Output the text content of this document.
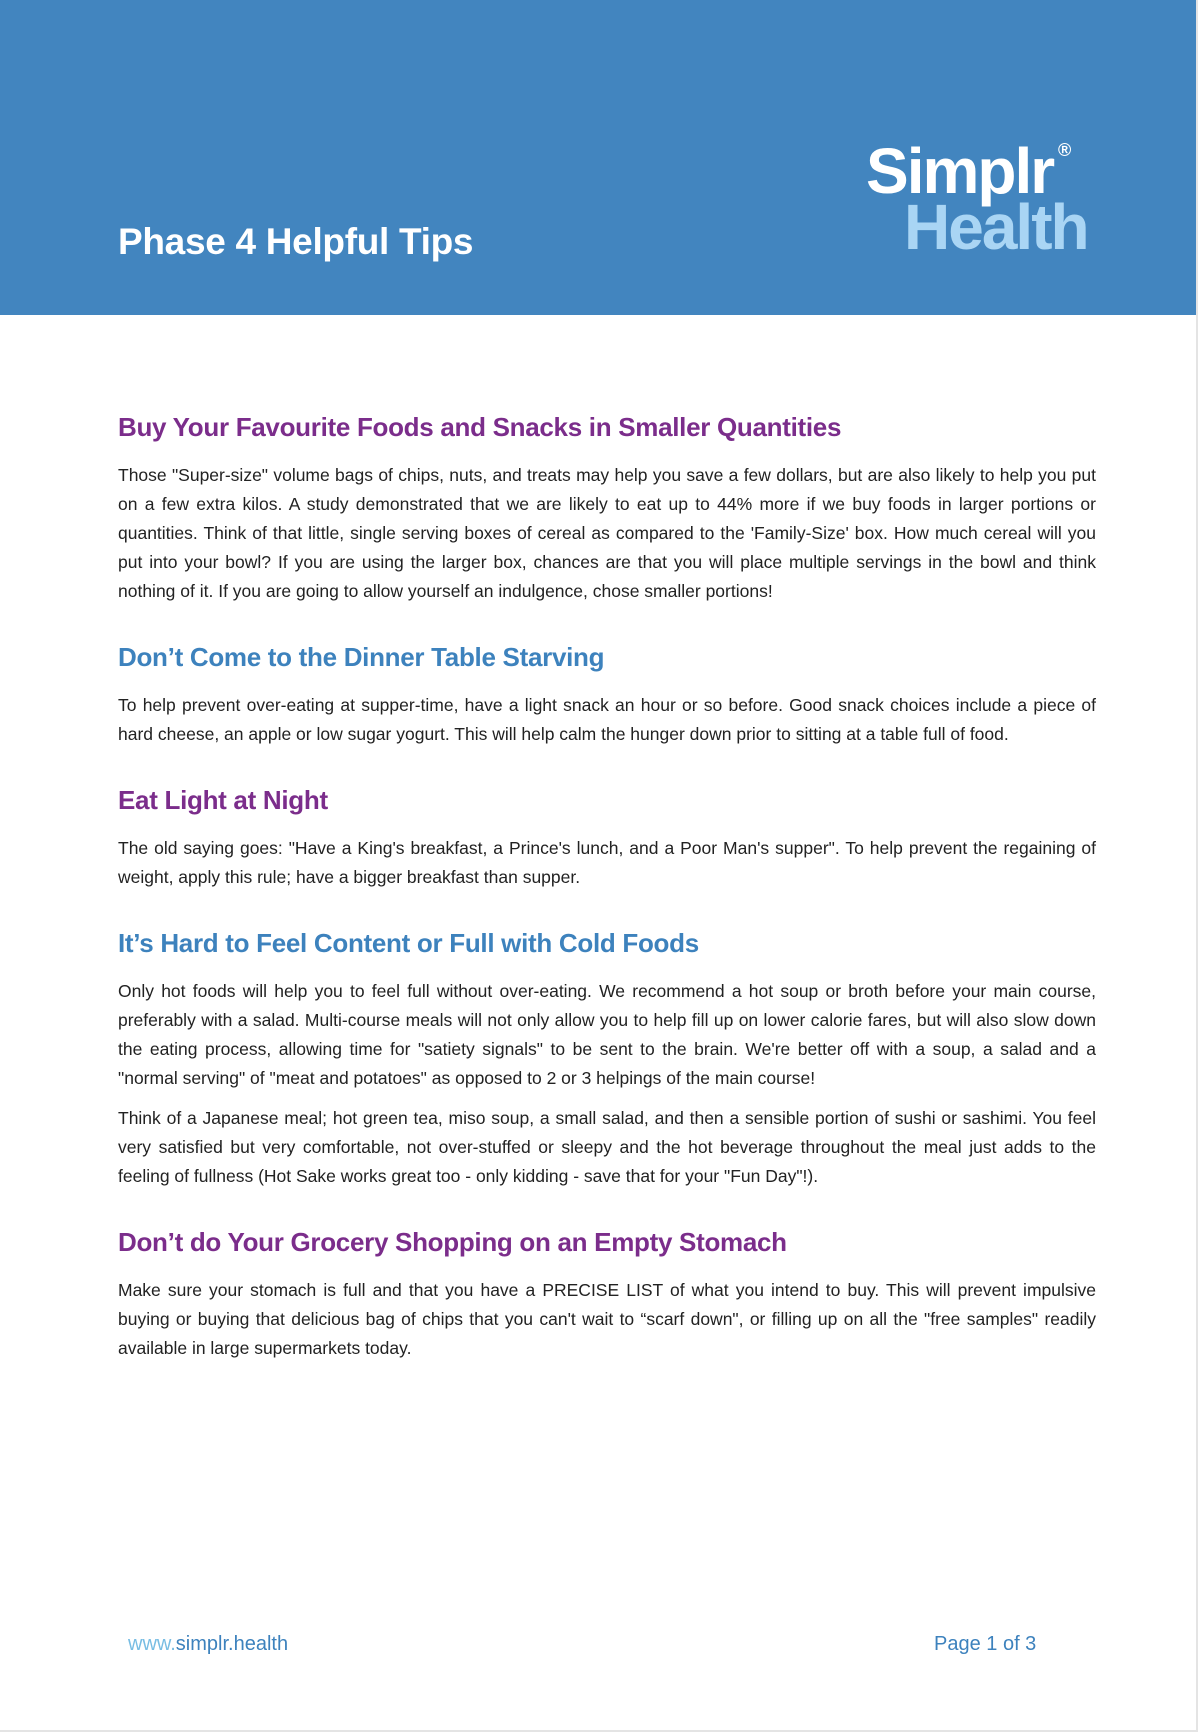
Phase 4 Helpful Tips
Simplr ®
Health
Buy Your Favourite Foods and Snacks in Smaller Quantities

Those "Super-size" volume bags of chips, nuts, and treats may help you save a few dollars, but are also likely to help you put on a few extra kilos. A study demonstrated that we are likely to eat up to 44% more if we buy foods in larger portions or quantities. Think of that little, single serving boxes of cereal as compared to the 'Family-Size' box. How much cereal will you put into your bowl? If you are using the larger box, chances are that you will place multiple servings in the bowl and think nothing of it. If you are going to allow yourself an indulgence, chose smaller portions!

Don’t Come to the Dinner Table Starving

To help prevent over-eating at supper-time, have a light snack an hour or so before. Good snack choices include a piece of hard cheese, an apple or low sugar yogurt. This will help calm the hunger down prior to sitting at a table full of food.

Eat Light at Night

The old saying goes: "Have a King's breakfast, a Prince's lunch, and a Poor Man's supper". To help prevent the regaining of weight, apply this rule; have a bigger breakfast than supper.

It’s Hard to Feel Content or Full with Cold Foods

Only hot foods will help you to feel full without over-eating. We recommend a hot soup or broth before your main course, preferably with a salad. Multi-course meals will not only allow you to help fill up on lower calorie fares, but will also slow down the eating process, allowing time for "satiety signals" to be sent to the brain. We're better off with a soup, a salad and a "normal serving" of "meat and potatoes" as opposed to 2 or 3 helpings of the main course!

Think of a Japanese meal; hot green tea, miso soup, a small salad, and then a sensible portion of sushi or sashimi. You feel very satisfied but very comfortable, not over-stuffed or sleepy and the hot beverage throughout the meal just adds to the feeling of fullness (Hot Sake works great too - only kidding - save that for your "Fun Day"!).

Don’t do Your Grocery Shopping on an Empty Stomach

Make sure your stomach is full and that you have a PRECISE LIST of what you intend to buy. This will prevent impulsive buying or buying that delicious bag of chips that you can't wait to “scarf down", or filling up on all the "free samples" readily available in large supermarkets today.

www.simplr.health	Page 1 of 3
